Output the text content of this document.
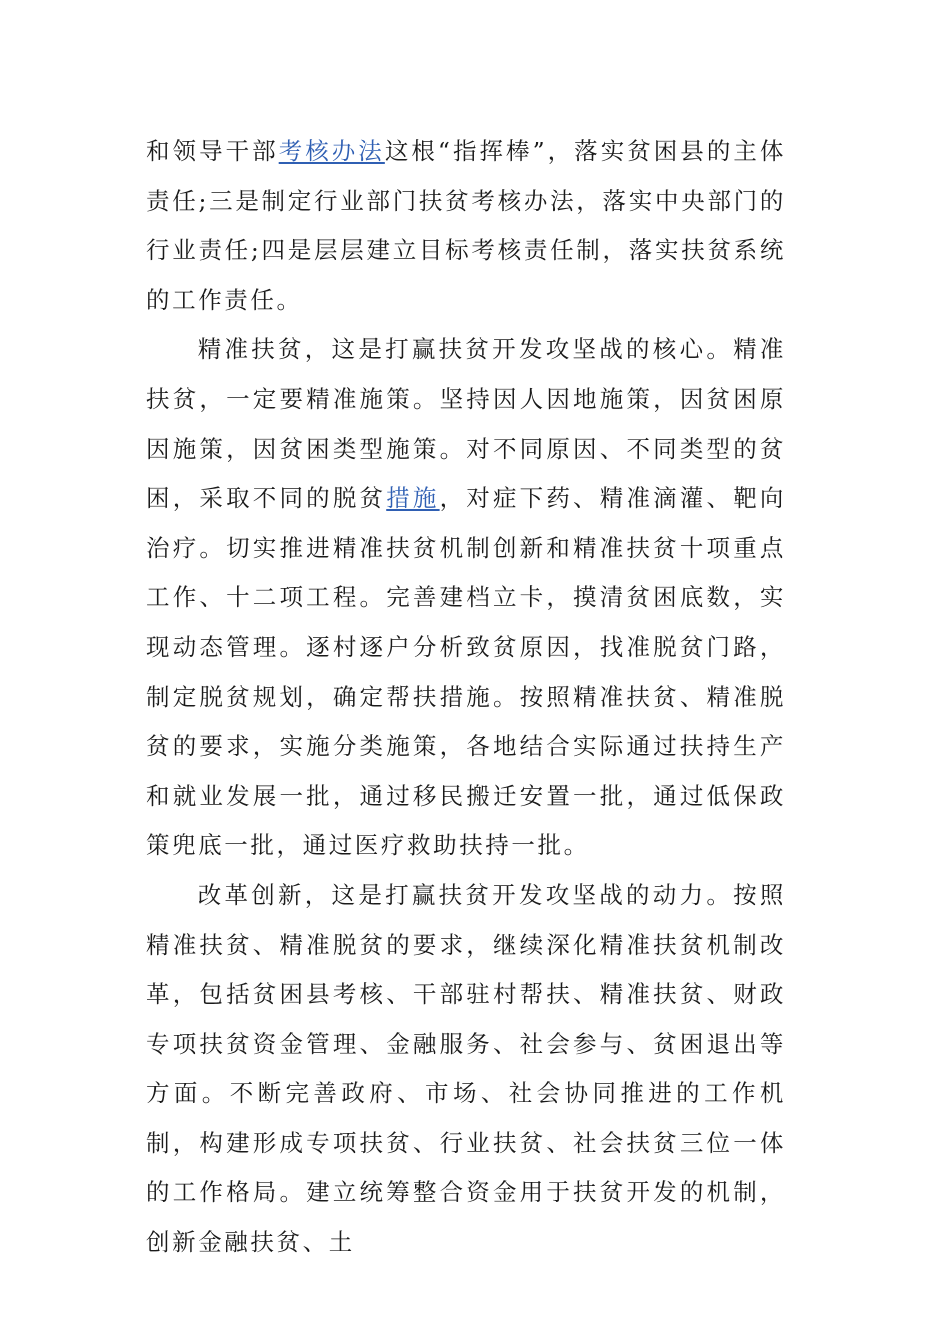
和领导干部考核办法这根“指挥棒”，落实贫困县的主体责任;三是制定行业部门扶贫考核办法，落实中央部门的行业责任;四是层层建立目标考核责任制，落实扶贫系统的工作责任。

精准扶贫，这是打赢扶贫开发攻坚战的核心。精准扶贫，一定要精准施策。坚持因人因地施策，因贫困原因施策，因贫困类型施策。对不同原因、不同类型的贫困，采取不同的脱贫措施，对症下药、精准滴灌、靶向治疗。切实推进精准扶贫机制创新和精准扶贫十项重点工作、十二项工程。完善建档立卡，摸清贫困底数，实现动态管理。逐村逐户分析致贫原因，找准脱贫门路，制定脱贫规划，确定帮扶措施。按照精准扶贫、精准脱贫的要求，实施分类施策，各地结合实际通过扶持生产和就业发展一批，通过移民搬迁安置一批，通过低保政策兜底一批，通过医疗救助扶持一批。

改革创新，这是打赢扶贫开发攻坚战的动力。按照精准扶贫、精准脱贫的要求，继续深化精准扶贫机制改革，包括贫困县考核、干部驻村帮扶、精准扶贫、财政专项扶贫资金管理、金融服务、社会参与、贫困退出等方面。不断完善政府、市场、社会协同推进的工作机制，构建形成专项扶贫、行业扶贫、社会扶贫三位一体的工作格局。建立统筹整合资金用于扶贫开发的机制，创新金融扶贫、土
